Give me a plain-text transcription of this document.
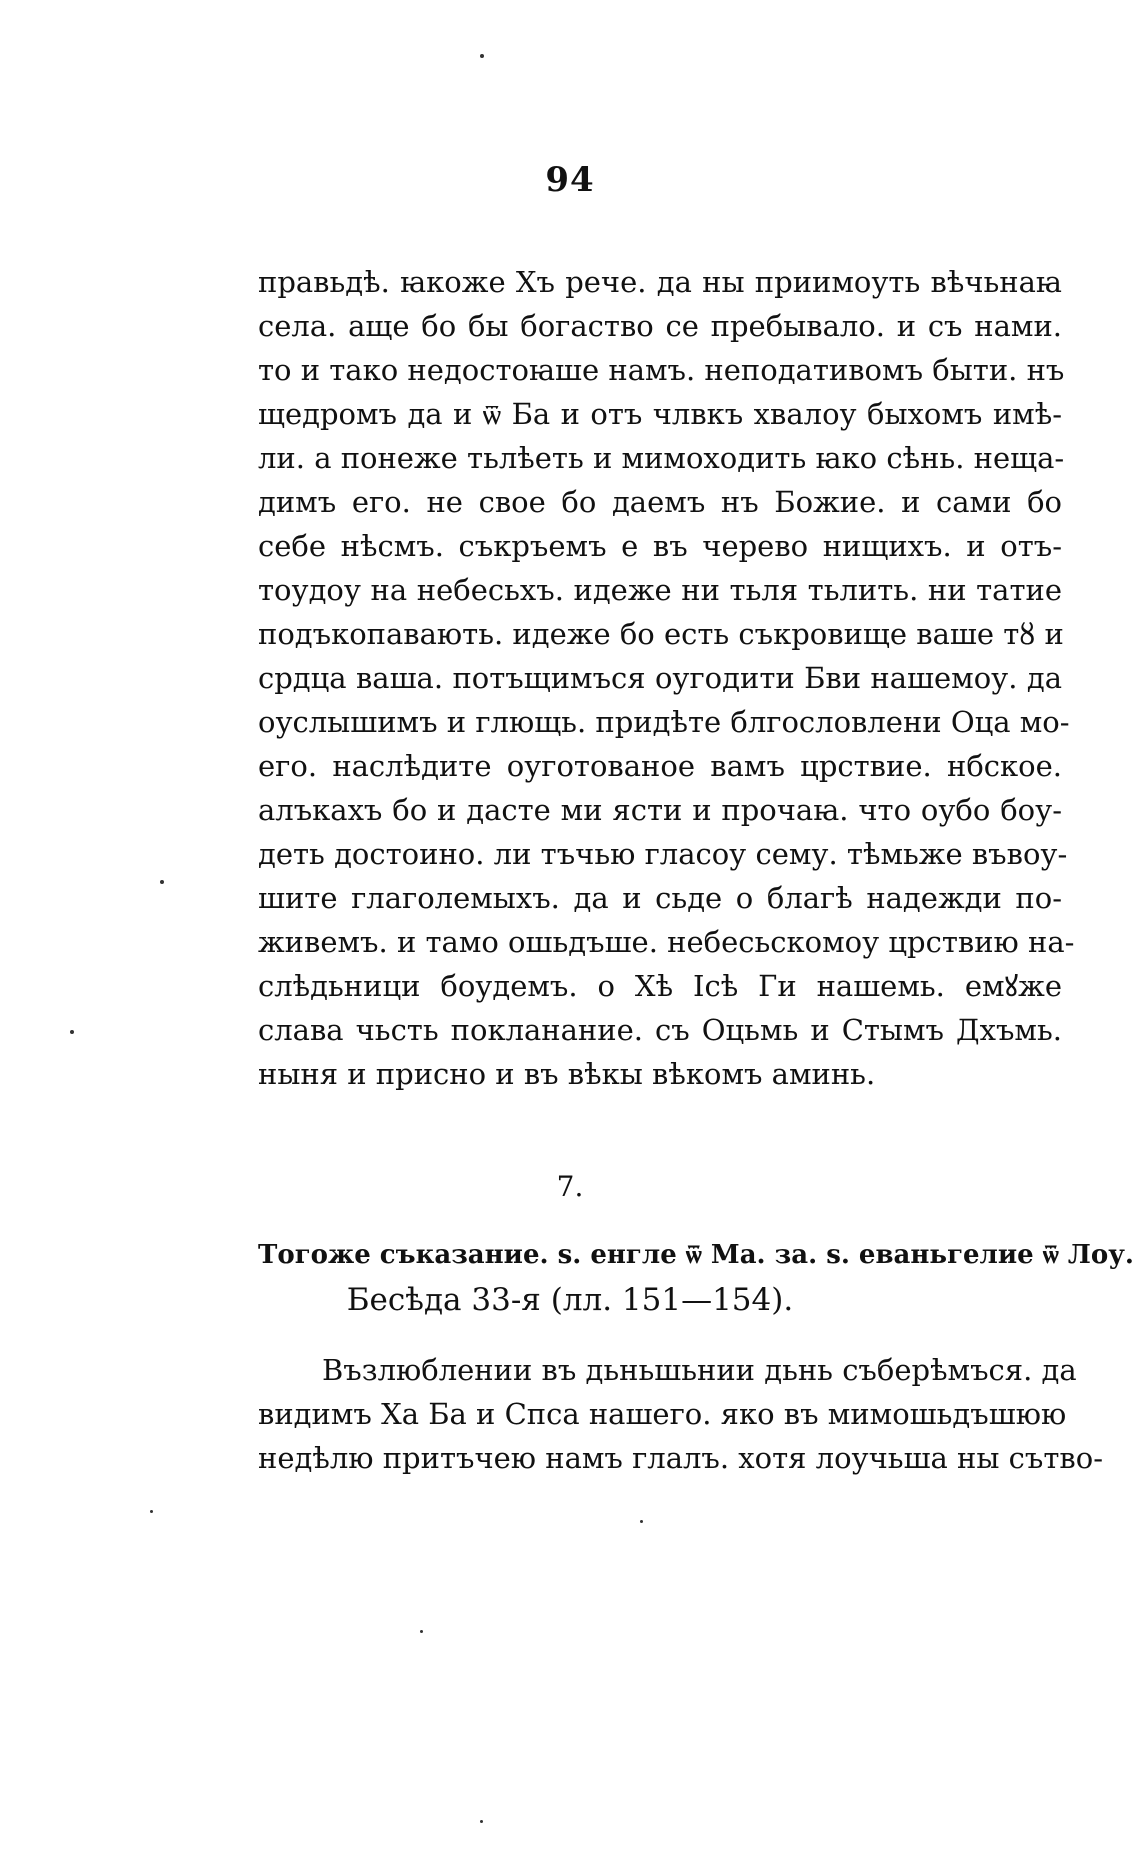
94
правьдѣ. ꙗкоже Хъ рече. да ны приимоуть вѣчьнаꙗ
села. аще бо бы богаство се пребывало. и съ нами.
то и тако недостоꙗше намъ. неподативомъ быти. нъ
щедромъ да и ѿ Ба и отъ члвкъ хвалоу быхомъ имѣ-
ли. а понеже тьлѣеть и мимоходить ꙗко сѣнь. нещa-
димъ его. не свое бо даемъ нъ Божие. и сами бо
себе нѣсмъ. съкръемъ е въ черево нищихъ. и отъ-
тоудоу на небесьхъ. идеже ни тьля тьлить. ни татие
подъкопавають. идеже бо есть съкровище ваше тȣ и
срдца ваша. потъщимъся оугодити Бви нашемоу. да
оуслышимъ и глющь. придѣте блгословлени Оца мо-
его. наслѣдите оуготованое вамъ црствие. нбское.
алъкахъ бо и дасте ми ясти и прочаꙗ. что оубо боу-
деть достоино. ли тъчью гласоу сему. тѣмьже въвоу-
шите глаголемыхъ. да и сьде о благѣ надежди по-
живемъ. и тамо ошьдъше. небесьскомоу црствию на-
слѣдьници боудемъ. о Хѣ Ісѣ Ги нашемь. емꙋже
слава чьсть поклананиe. съ Оцьмь и Стымъ Дхъмь.
ныня и присно и въ вѣкы вѣкомъ аминь.
7.
Тогоже съказание. ѕ. енгле ѿ Ма. за. ѕ. еваньгелие ѿ Лоу.
Бесѣда 33-я (лл. 151—154).
Възлюблении въ дьньшьнии дьнь съберѣмъся. да
видимъ Ха Ба и Спса нашего. яко въ мимошьдъшюю
недѣлю притъчею намъ глалъ. хотя лоучьша ны сътво-
